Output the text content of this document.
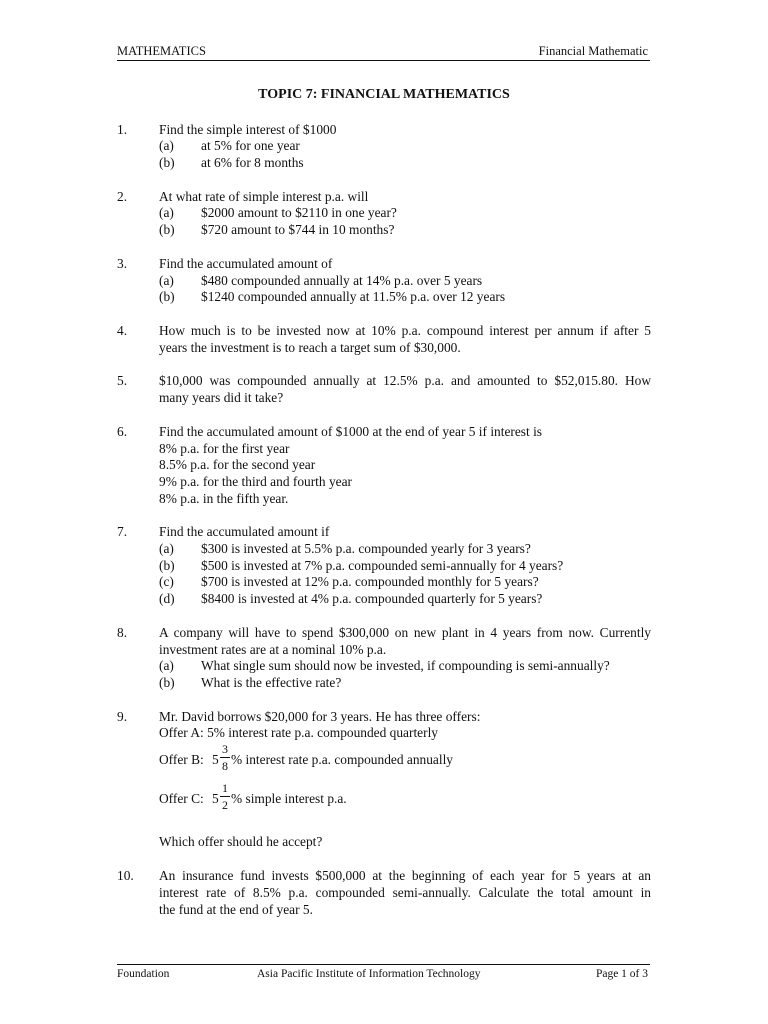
MATHEMATICS	Financial Mathematic
TOPIC 7: FINANCIAL MATHEMATICS
1. Find the simple interest of $1000
(a) at 5% for one year
(b) at 6% for 8 months
2. At what rate of simple interest p.a. will
(a) $2000 amount to $2110 in one year?
(b) $720 amount to $744 in 10 months?
3. Find the accumulated amount of
(a) $480 compounded annually at 14% p.a. over 5 years
(b) $1240 compounded annually at 11.5% p.a. over 12 years
4. How much is to be invested now at 10% p.a. compound interest per annum if after 5
years the investment is to reach a target sum of $30,000.
5. $10,000 was compounded annually at 12.5% p.a. and amounted to $52,015.80. How
many years did it take?
6. Find the accumulated amount of $1000 at the end of year 5 if interest is
8% p.a. for the first year
8.5% p.a. for the second year
9% p.a. for the third and fourth year
8% p.a. in the fifth year.
7. Find the accumulated amount if
(a) $300 is invested at 5.5% p.a. compounded yearly for 3 years?
(b) $500 is invested at 7% p.a. compounded semi-annually for 4 years?
(c) $700 is invested at 12% p.a. compounded monthly for 5 years?
(d) $8400 is invested at 4% p.a. compounded quarterly for 5 years?
8. A company will have to spend $300,000 on new plant in 4 years from now. Currently
investment rates are at a nominal 10% p.a.
(a) What single sum should now be invested, if compounding is semi-annually?
(b) What is the effective rate?
9. Mr. David borrows $20,000 for 3 years. He has three offers:
Offer A: 5% interest rate p.a. compounded quarterly
Offer B: 5
3
8 % interest rate p.a. compounded annually
Offer C: 5
1
2 % simple interest p.a.
Which offer should he accept?
10. An insurance fund invests $500,000 at the beginning of each year for 5 years at an
interest rate of 8.5% p.a. compounded semi-annually. Calculate the total amount in
the fund at the end of year 5.
Foundation	Asia Pacific Institute of Information Technology	Page 1 of 3
